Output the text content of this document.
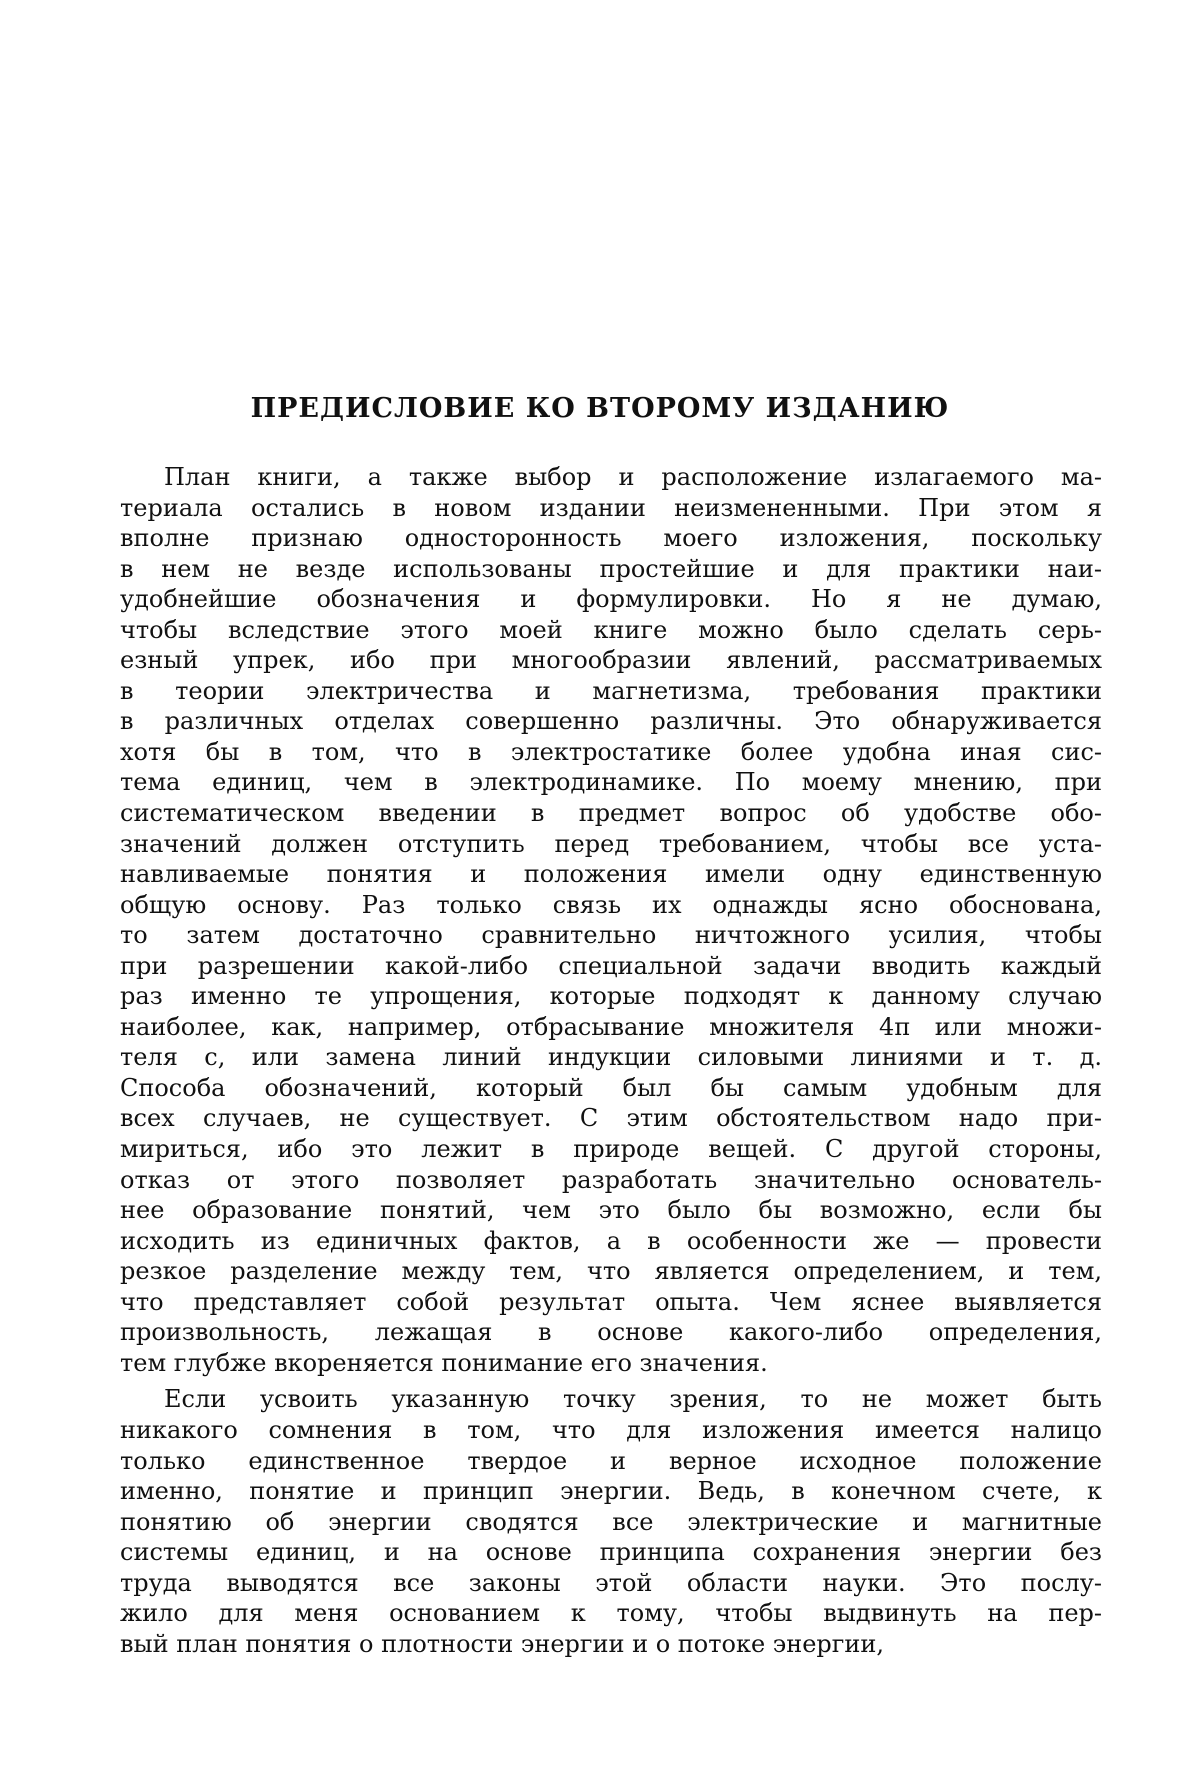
ПРЕДИСЛОВИЕ КО ВТОРОМУ ИЗДАНИЮ
План книги, а также выбор и расположение излагаемого ма-
териала остались в новом издании неизмененными. При этом я
вполне признаю односторонность моего изложения, поскольку
в нем не везде использованы простейшие и для практики наи-
удобнейшие обозначения и формулировки. Но я не думаю,
чтобы вследствие этого моей книге можно было сделать серь-
езный упрек, ибо при многообразии явлений, рассматриваемых
в теории электричества и магнетизма, требования практики
в различных отделах совершенно различны. Это обнаруживается
хотя бы в том, что в электростатике более удобна иная сис-
тема единиц, чем в электродинамике. По моему мнению, при
систематическом введении в предмет вопрос об удобстве обо-
значений должен отступить перед требованием, чтобы все уста-
навливаемые понятия и положения имели одну единственную
общую основу. Раз только связь их однажды ясно обоснована,
то затем достаточно сравнительно ничтожного усилия, чтобы
при разрешении какой-либо специальной задачи вводить каждый
раз именно те упрощения, которые подходят к данному случаю
наиболее, как, например, отбрасывание множителя 4π или множи-
теля c, или замена линий индукции силовыми линиями и т. д.
Способа обозначений, который был бы самым удобным для
всех случаев, не существует. С этим обстоятельством надо при-
мириться, ибо это лежит в природе вещей. С другой стороны,
отказ от этого позволяет разработать значительно основатель-
нее образование понятий, чем это было бы возможно, если бы
исходить из единичных фактов, а в особенности же — провести
резкое разделение между тем, что является определением, и тем,
что представляет собой результат опыта. Чем яснее выявляется
произвольность, лежащая в основе какого-либо определения,
тем глубже вкореняется понимание его значения.
Если усвоить указанную точку зрения, то не может быть
никакого сомнения в том, что для изложения имеется налицо
только единственное твердое и верное исходное положение
именно, понятие и принцип энергии. Ведь, в конечном счете, к
понятию об энергии сводятся все электрические и магнитные
системы единиц, и на основе принципа сохранения энергии без
труда выводятся все законы этой области науки. Это послу-
жило для меня основанием к тому, чтобы выдвинуть на пер-
вый план понятия о плотности энергии и о потоке энергии,
